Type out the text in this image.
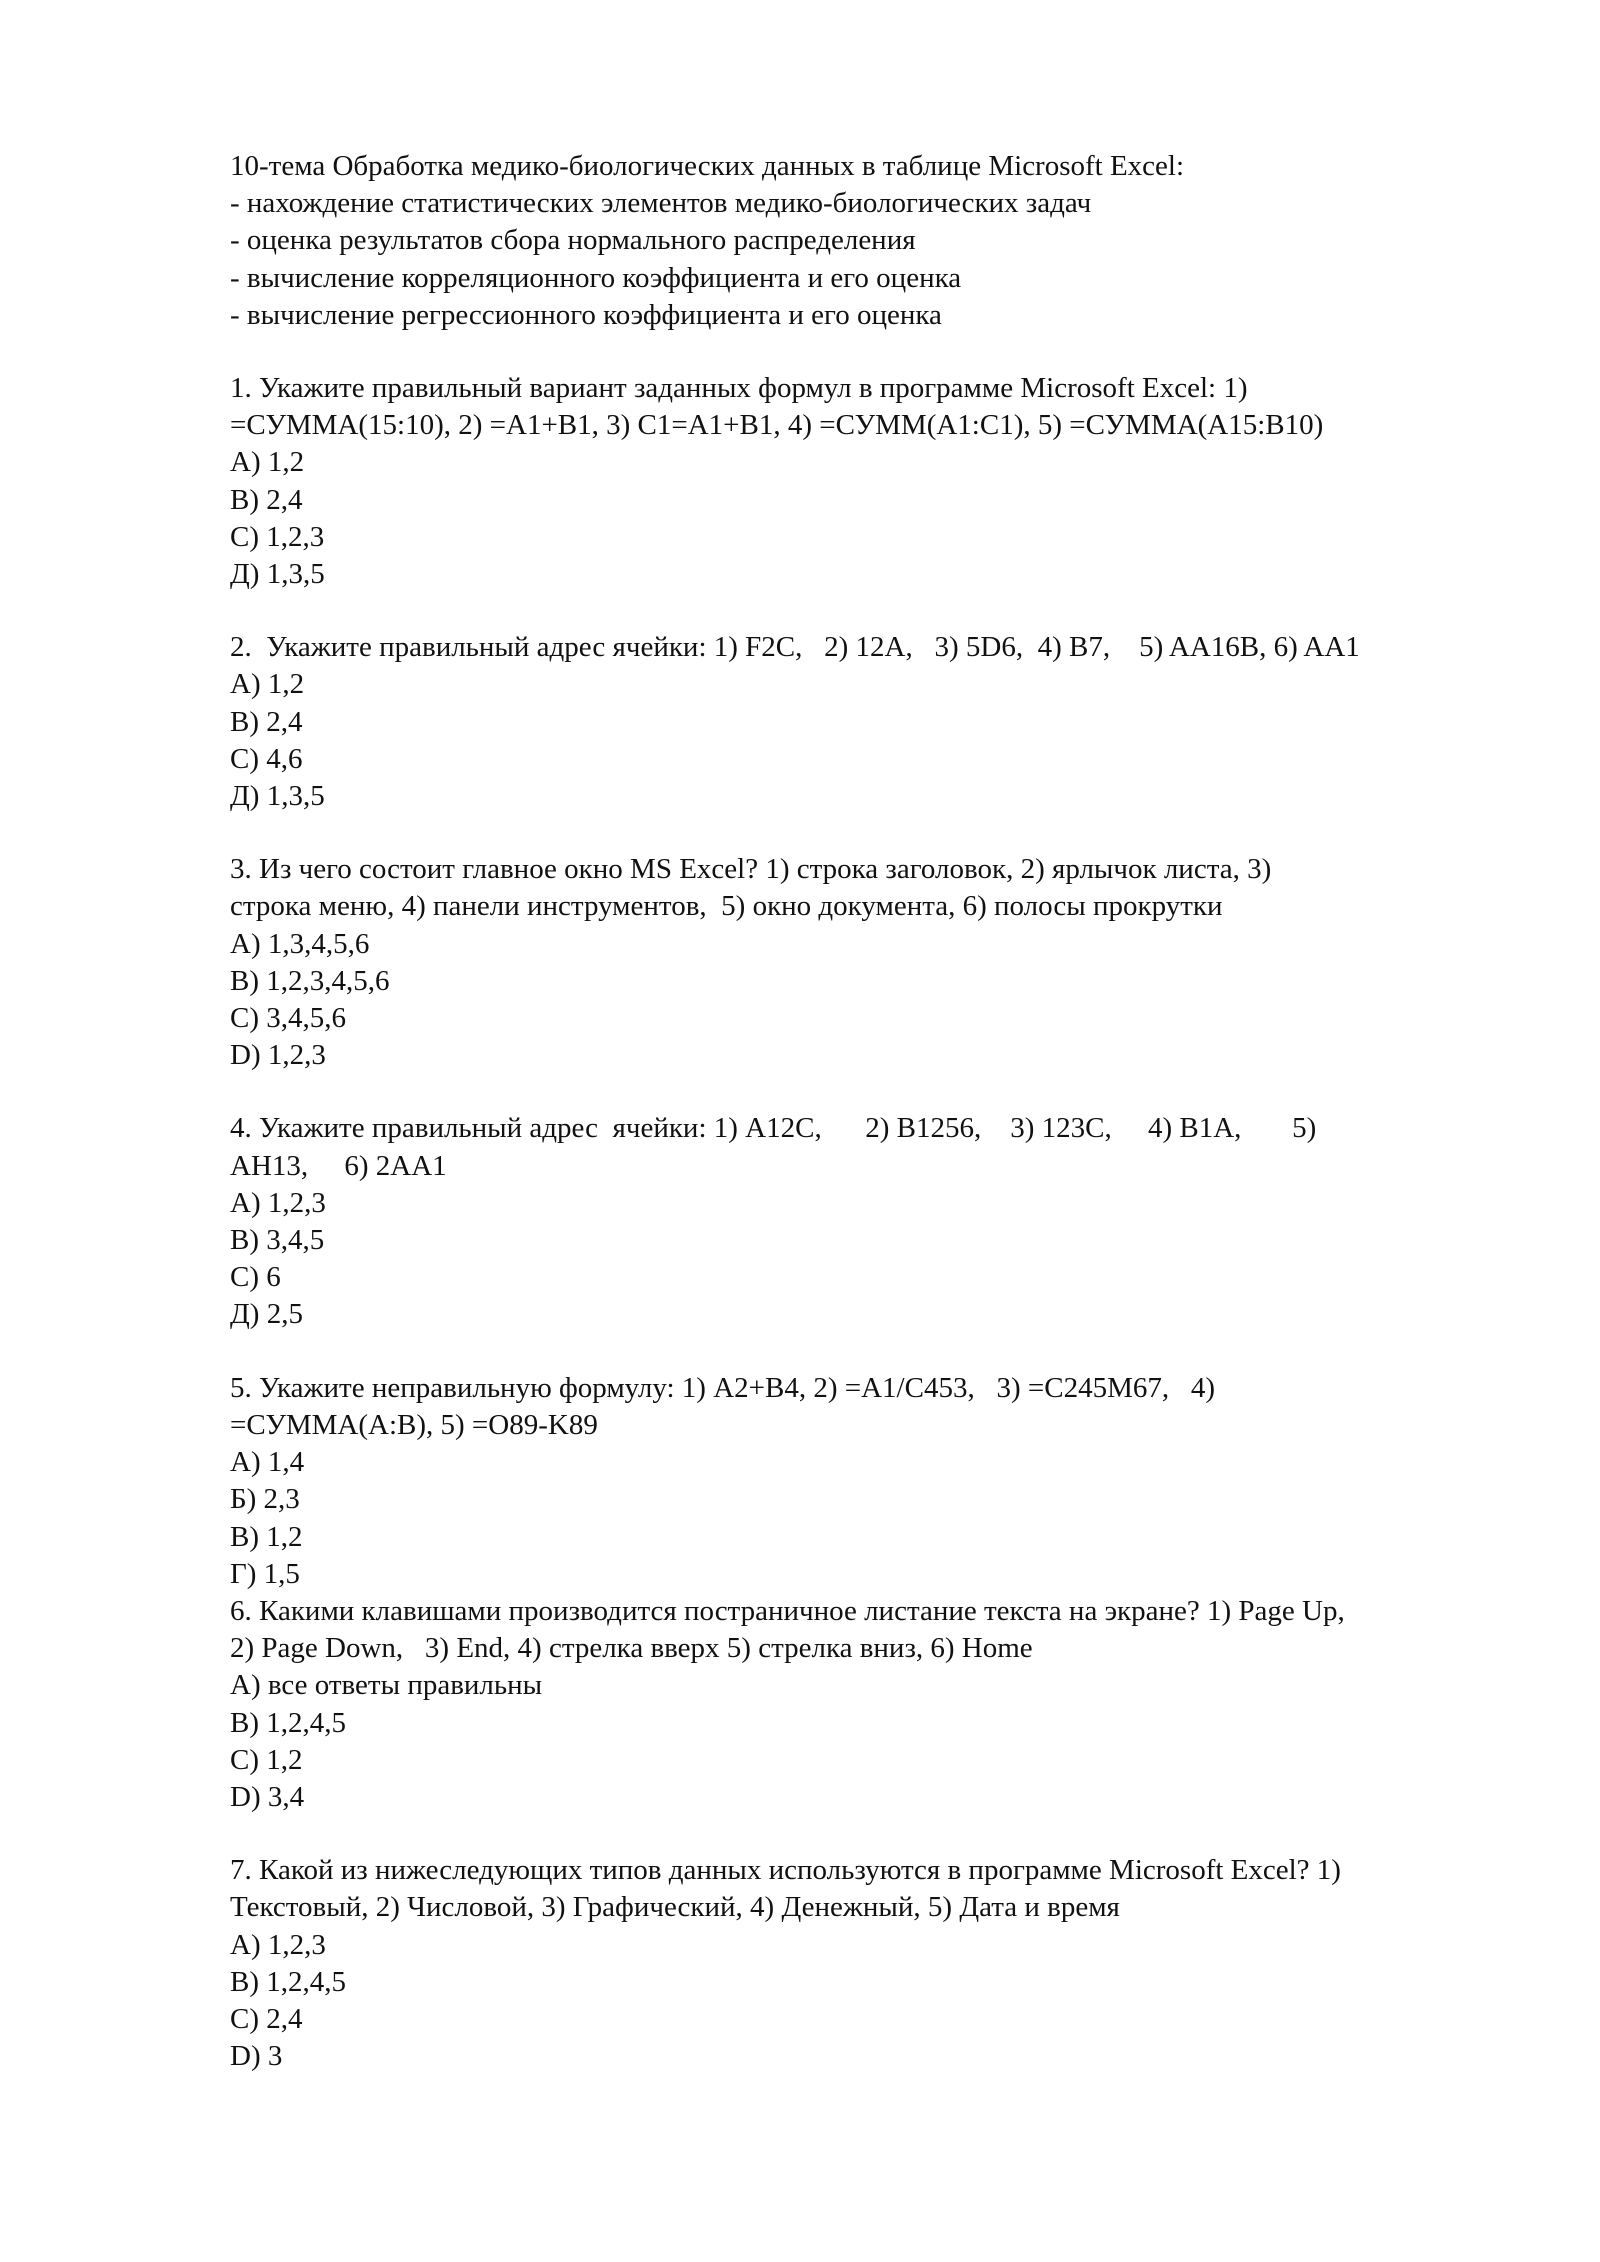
10-тема Обработка медико-биологических данных в таблице Microsoft Excel:
- нахождение статистических элементов медико-биологических задач
- оценка результатов сбора нормального распределения
- вычисление корреляционного коэффициента и его оценка
- вычисление регрессионного коэффициента и его оценка
1. Укажите правильный вариант заданных формул в программе Microsoft Excel: 1)
=СУММА(15:10), 2) =A1+B1, 3) C1=A1+B1, 4) =СУММ(A1:C1), 5) =СУММА(A15:B10)
A) 1,2
B) 2,4
C) 1,2,3
Д) 1,3,5
2.  Укажите правильный адрес ячейки: 1) F2C,   2) 12A,   3) 5D6,  4) B7,    5) AA16B, 6) AA1
A) 1,2
B) 2,4
C) 4,6
Д) 1,3,5
3. Из чего состоит главное окно MS Excel? 1) строка заголовок, 2) ярлычок листа, 3)
строка меню, 4) панели инструментов,  5) окно документа, 6) полосы прокрутки
A) 1,3,4,5,6
B) 1,2,3,4,5,6
C) 3,4,5,6
D) 1,2,3
4. Укажите правильный адрес  ячейки: 1) A12C,      2) B1256,    3) 123C,     4) B1A,       5)
AH13,     6) 2AA1
A) 1,2,3
B) 3,4,5
C) 6
Д) 2,5
5. Укажите неправильную формулу: 1) A2+B4, 2) =A1/C453,   3) =C245M67,   4)
=СУММА(A:B), 5) =O89-K89
A) 1,4
Б) 2,3
В) 1,2
Г) 1,5
6. Какими клавишами производится постраничное листание текста на экране? 1) Page Up,
2) Page Down,   3) End, 4) стрелка вверх 5) стрелка вниз, 6) Home
A) все ответы правильны
B) 1,2,4,5
C) 1,2
D) 3,4
7. Какой из нижеследующих типов данных используются в программе Microsoft Excel? 1)
Текстовый, 2) Числовой, 3) Графический, 4) Денежный, 5) Дата и время
A) 1,2,3
B) 1,2,4,5
C) 2,4
D) 3
